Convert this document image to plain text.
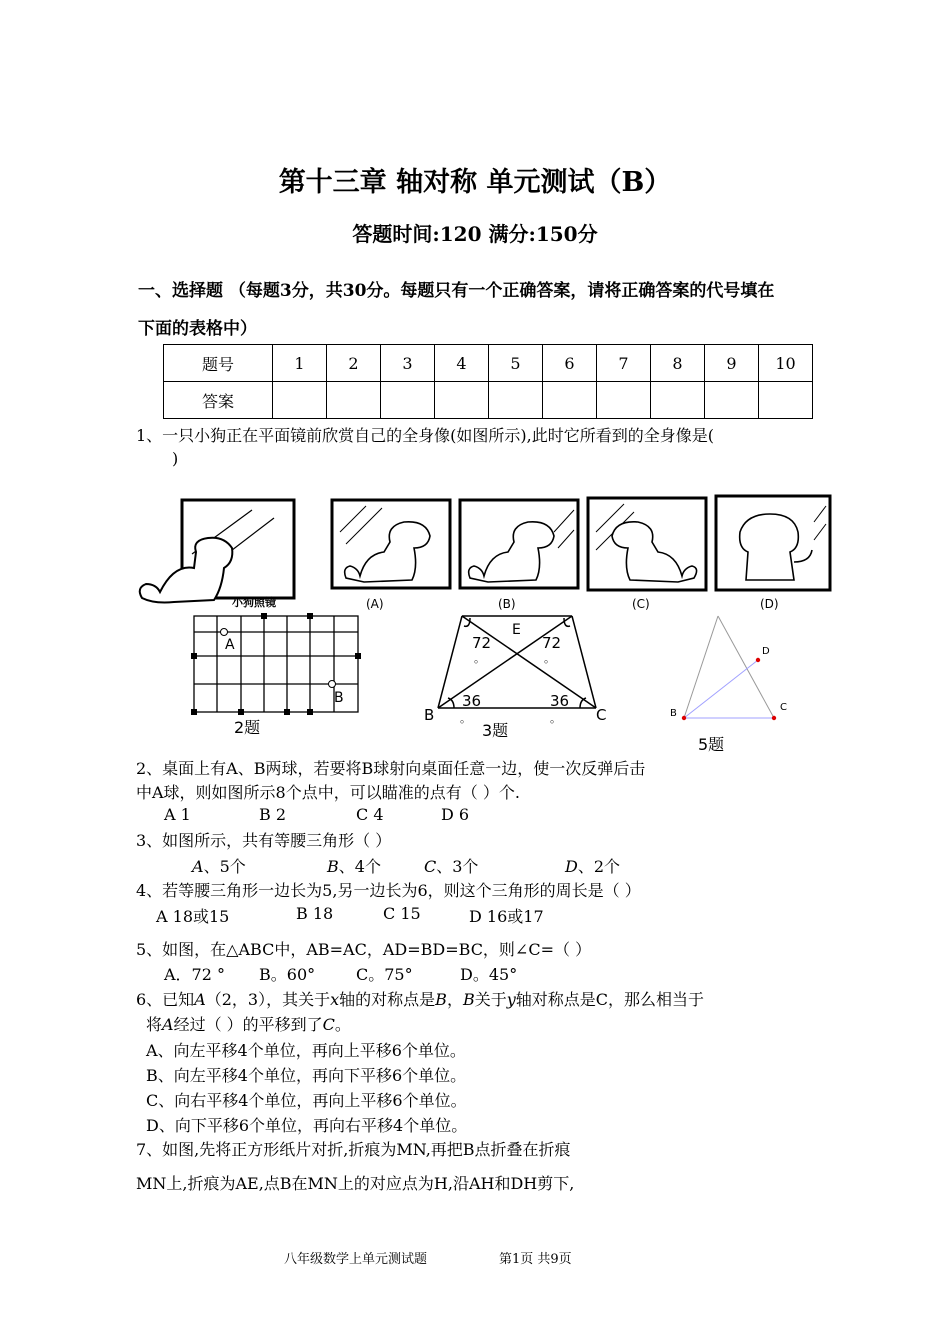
第十三章 轴对称 单元测试（B）
答题时间:120 满分:150分
一、选择题 （每题3分，共30分。每题只有一个正确答案，请将正确答案的代号填在
下面的表格中）
题号	1	2	3	4	5	6	7	8	9	10
答案										
1、一只小狗正在平面镜前欣赏自己的全身像(如图所示),此时它所看到的全身像是(
)
小狗照镜	(A)	(B)	(C)	(D)
A
B
2题
E
72
。
72
。
36
。
36
。
B	C
3题
B
C
D
5题
2、桌面上有A、B两球，若要将B球射向桌面任意一边，使一次反弹后击
中A球，则如图所示8个点中，可以瞄准的点有（ ）个.
A 1	B 2	C 4	D 6
3、如图所示，共有等腰三角形（ ）
A、5个	B、4个	C、3个	D、2个
4、若等腰三角形一边长为5,另一边长为6，则这个三角形的周长是（ ）
A 18或15	B 18	C 15	D 16或17
5、如图，在△ABC中，AB=AC，AD=BD=BC，则∠C=（ ）
A．72 ° B。60°	C。75°	D。45°
6、已知A（2，3），其关于x轴的对称点是B，B关于y轴对称点是C，那么相当于
将A经过（ ）的平移到了C。
A、向左平移4个单位，再向上平移6个单位。
B、向左平移4个单位，再向下平移6个单位。
C、向右平移4个单位，再向上平移6个单位。
D、向下平移6个单位，再向右平移4个单位。
7、如图,先将正方形纸片对折,折痕为MN,再把B点折叠在折痕
MN上,折痕为AE,点B在MN上的对应点为H,沿AH和DH剪下,
八年级数学上单元测试题	第1页 共9页
